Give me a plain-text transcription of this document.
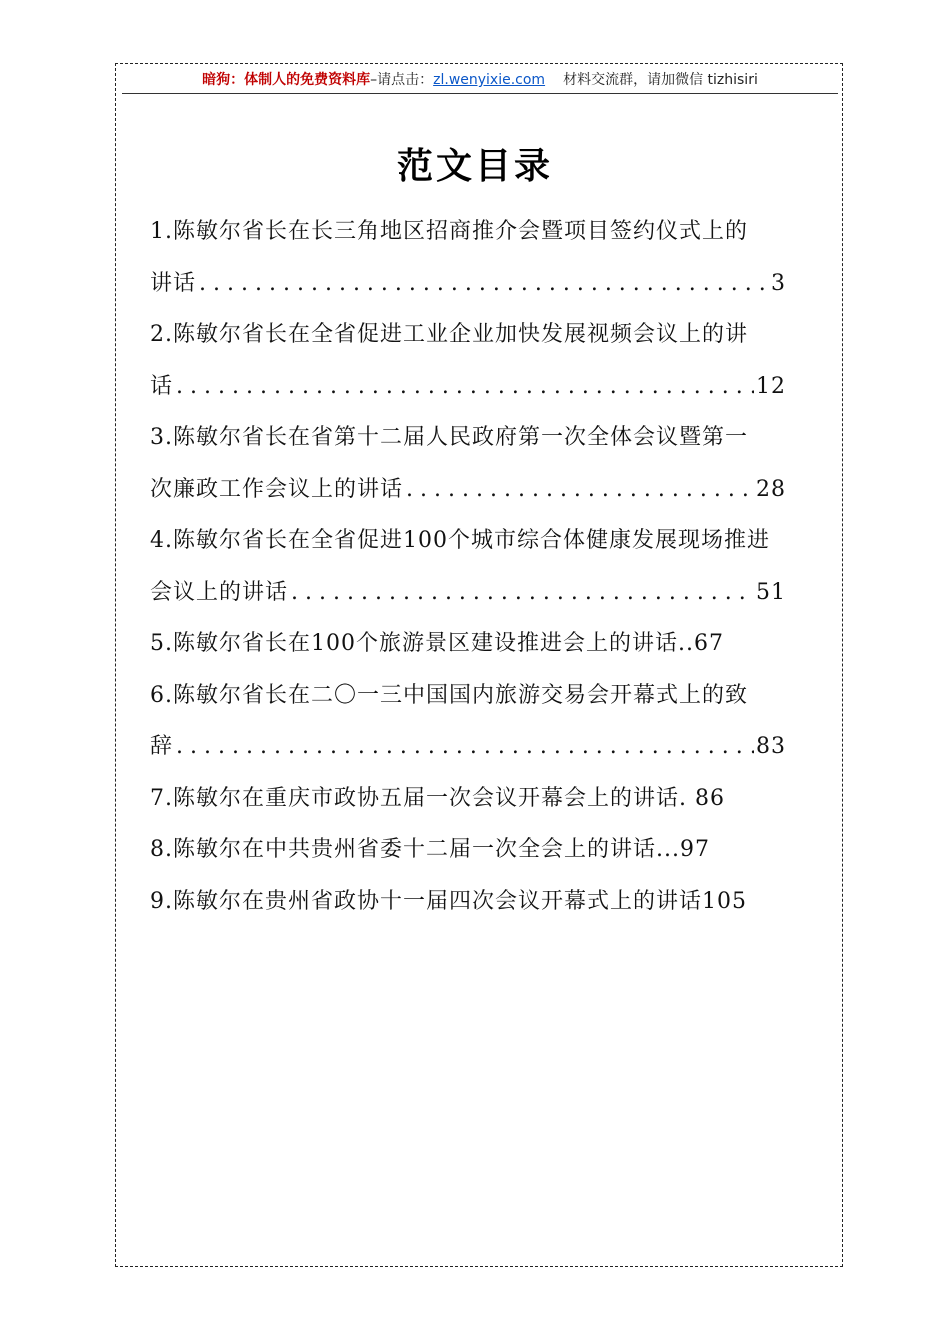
暗狗：体制人的免费资料库–请点击：zl.wenyixie.com 材料交流群，请加微信 tizhisiri
范文目录
1.陈敏尔省长在长三角地区招商推介会暨项目签约仪式上的
讲话 .....	3
2.陈敏尔省长在全省促进工业企业加快发展视频会议上的讲
话 .....	12
3.陈敏尔省长在省第十二届人民政府第一次全体会议暨第一
次廉政工作会议上的讲话 .....	28
4.陈敏尔省长在全省促进100个城市综合体健康发展现场推进
会议上的讲话 .....	51
5.陈敏尔省长在100个旅游景区建设推进会上的讲话..67
6.陈敏尔省长在二〇一三中国国内旅游交易会开幕式上的致
辞 .....	83
7.陈敏尔在重庆市政协五届一次会议开幕会上的讲话. 86
8.陈敏尔在中共贵州省委十二届一次全会上的讲话...97
9.陈敏尔在贵州省政协十一届四次会议开幕式上的讲话105
